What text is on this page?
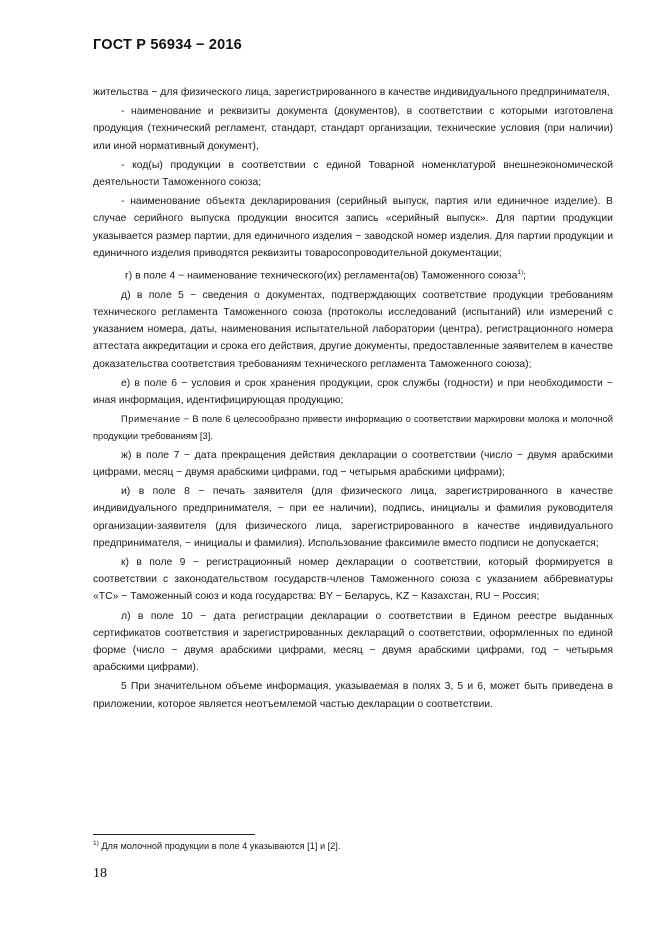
ГОСТ Р 56934 − 2016

жительства − для физического лица, зарегистрированного в качестве индивидуального предпринимателя,

- наименование и реквизиты документа (документов), в соответствии с которыми изготовлена продукция (технический регламент, стандарт, стандарт организации, технические условия (при наличии) или иной нормативный документ),

- код(ы) продукции в соответствии с единой Товарной номенклатурой внешнеэкономической деятельности Таможенного союза;

- наименование объекта декларирования (серийный выпуск, партия или единичное изделие). В случае серийного выпуска продукции вносится запись «серийный выпуск». Для партии продукции указывается размер партии, для единичного изделия − заводской номер изделия. Для партии продукции и единичного изделия приводятся реквизиты товаросопроводительной документации;

г) в поле 4 − наименование технического(их) регламента(ов) Таможенного союза$^{1)}$;

д) в поле 5 − сведения о документах, подтверждающих соответствие продукции требованиям технического регламента Таможенного союза (протоколы исследований (испытаний) или измерений с указанием номера, даты, наименования испытательной лаборатории (центра), регистрационного номера аттестата аккредитации и срока его действия, другие документы, предоставленные заявителем в качестве доказательства соответствия требованиям технического регламента Таможенного союза);

е) в поле 6 − условия и срок хранения продукции, срок службы (годности) и при необходимости − иная информация, идентифицирующая продукцию;

Примечание − В поле 6 целесообразно привести информацию о соответствии маркировки молока и молочной продукции требованиям [3].

ж) в поле 7 − дата прекращения действия декларации о соответствии (число − двумя арабскими цифрами, месяц − двумя арабскими цифрами, год − четырьмя арабскими цифрами);

и) в поле 8 − печать заявителя (для физического лица, зарегистрированного в качестве индивидуального предпринимателя, − при ее наличии), подпись, инициалы и фамилия руководителя организации-заявителя (для физического лица, зарегистрированного в качестве индивидуального предпринимателя, − инициалы и фамилия). Использование факсимиле вместо подписи не допускается;

к) в поле 9 − регистрационный номер декларации о соответствии, который формируется в соответствии с законодательством государств-членов Таможенного союза с указанием аббревиатуры «ТС» − Таможенный союз и кода государства: BY − Беларусь, KZ − Казахстан, RU − Россия;

л) в поле 10 − дата регистрации декларации о соответствии в Едином реестре выданных сертификатов соответствия и зарегистрированных деклараций о соответствии, оформленных по единой форме (число − двумя арабскими цифрами, месяц − двумя арабскими цифрами, год − четырьмя арабскими цифрами).

5 При значительном объеме информация, указываемая в полях 3, 5 и 6, может быть приведена в приложении, которое является неотъемлемой частью декларации о соответствии.

$^{1)}$ Для молочной продукции в поле 4 указываются [1] и [2].
18
